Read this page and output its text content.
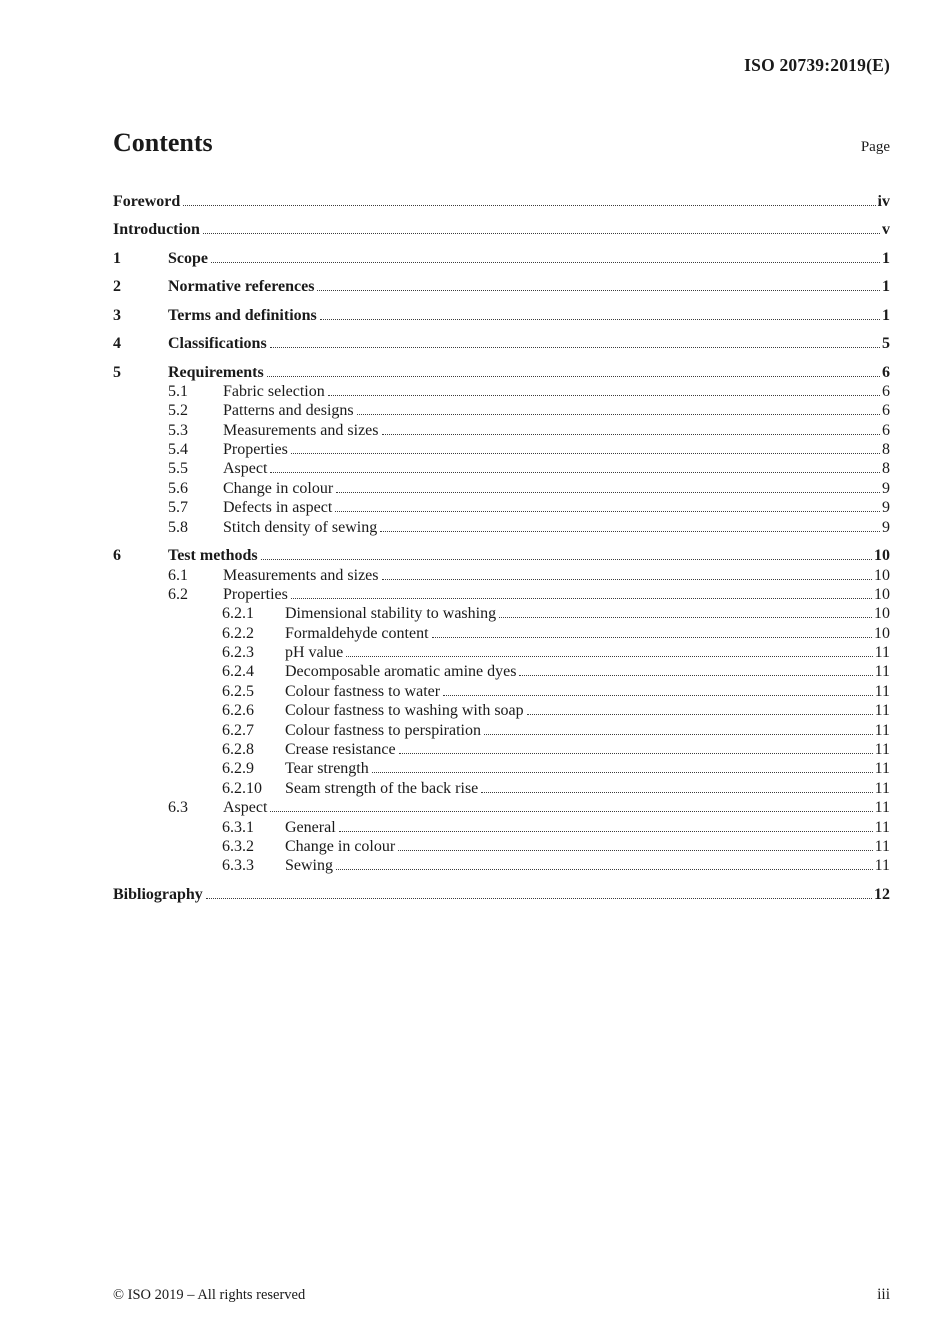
ISO 20739:2019(E)
Contents	Page
Foreword	iv
Introduction	v
1	Scope	1
2	Normative references	1
3	Terms and definitions	1
4	Classifications	5
5	Requirements	6
5.1	Fabric selection	6
5.2	Patterns and designs	6
5.3	Measurements and sizes	6
5.4	Properties	8
5.5	Aspect	8
5.6	Change in colour	9
5.7	Defects in aspect	9
5.8	Stitch density of sewing	9
6	Test methods	10
6.1	Measurements and sizes	10
6.2	Properties	10
6.2.1	Dimensional stability to washing	10
6.2.2	Formaldehyde content	10
6.2.3	pH value	11
6.2.4	Decomposable aromatic amine dyes	11
6.2.5	Colour fastness to water	11
6.2.6	Colour fastness to washing with soap	11
6.2.7	Colour fastness to perspiration	11
6.2.8	Crease resistance	11
6.2.9	Tear strength	11
6.2.10	Seam strength of the back rise	11
6.3	Aspect	11
6.3.1	General	11
6.3.2	Change in colour	11
6.3.3	Sewing	11
Bibliography	12
© ISO 2019 – All rights reserved	iii
